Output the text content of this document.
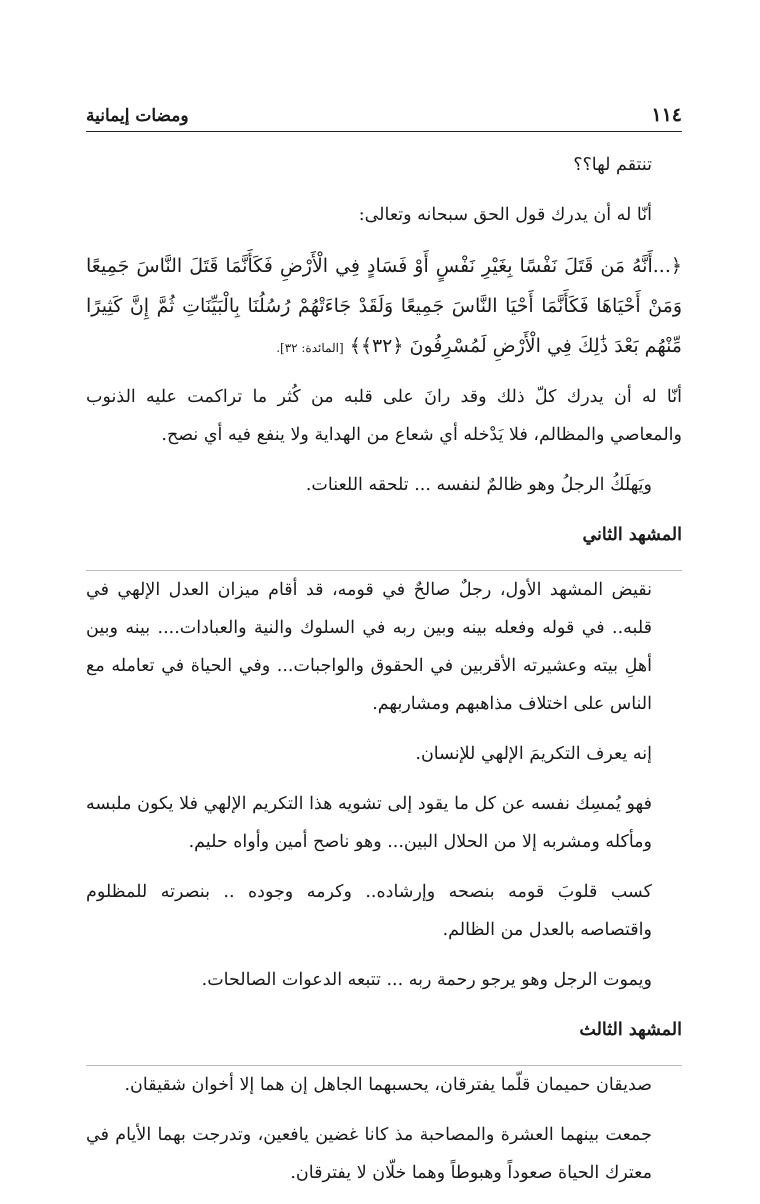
١١٤
ومضات إيمانية

تنتقم لها؟؟

أنّا له أن يدرك قول الحق سبحانه وتعالى:

﴿...أَنَّهُ مَن قَتَلَ نَفْسًا بِغَيْرِ نَفْسٍ أَوْ فَسَادٍ فِي الْأَرْضِ فَكَأَنَّمَا قَتَلَ النَّاسَ جَمِيعًا وَمَنْ أَحْيَاهَا فَكَأَنَّمَا أَحْيَا النَّاسَ جَمِيعًا وَلَقَدْ جَاءَتْهُمْ رُسُلُنَا بِالْبَيِّنَاتِ ثُمَّ إِنَّ كَثِيرًا مِّنْهُم بَعْدَ ذَٰلِكَ فِي الْأَرْضِ لَمُسْرِفُونَ ﴿٣٢﴾﴾ [المائدة: ٣٢].

أنّا له أن يدرك كلّ ذلك وقد رانَ على قلبه من كُثر ما تراكمت عليه الذنوب والمعاصي والمظالم، فلا يَدْخله أي شعاع من الهداية ولا ينفع فيه أي نصح.

ويَهلَكُ الرجلُ وهو ظالمٌ لنفسه ... تلحقه اللعنات.

المشهد الثاني

نقيض المشهد الأول، رجلٌ صالحٌ في قومه، قد أقام ميزان العدل الإلهي في قلبه.. في قوله وفعله بينه وبين ربه في السلوك والنية والعبادات.... بينه وبين أهلِ بيته وعشيرته الأقربين في الحقوق والواجبات... وفي الحياة في تعامله مع الناس على اختلاف مذاهبهم ومشاربهم.

إنه يعرف التكريمَ الإلهي للإنسان.

فهو يُمسِك نفسه عن كل ما يقود إلى تشويه هذا التكريم الإلهي فلا يكون ملبسه ومأكله ومشربه إلا من الحلال البين... وهو ناصح أمين وأواه حليم.

كسب قلوبَ قومه بنصحه وإرشاده.. وكرمه وجوده .. بنصرته للمظلوم واقتصاصه بالعدل من الظالم.

ويموت الرجل وهو يرجو رحمة ربه ... تتبعه الدعوات الصالحات.

المشهد الثالث

صديقان حميمان قلّما يفترقان، يحسبهما الجاهل إن هما إلا أخوان شقيقان.

جمعت بينهما العشرة والمصاحبة مذ كانا غضين يافعين، وتدرجت بهما الأيام في معترك الحياة صعوداً وهبوطاً وهما خلّان لا يفترقان.
